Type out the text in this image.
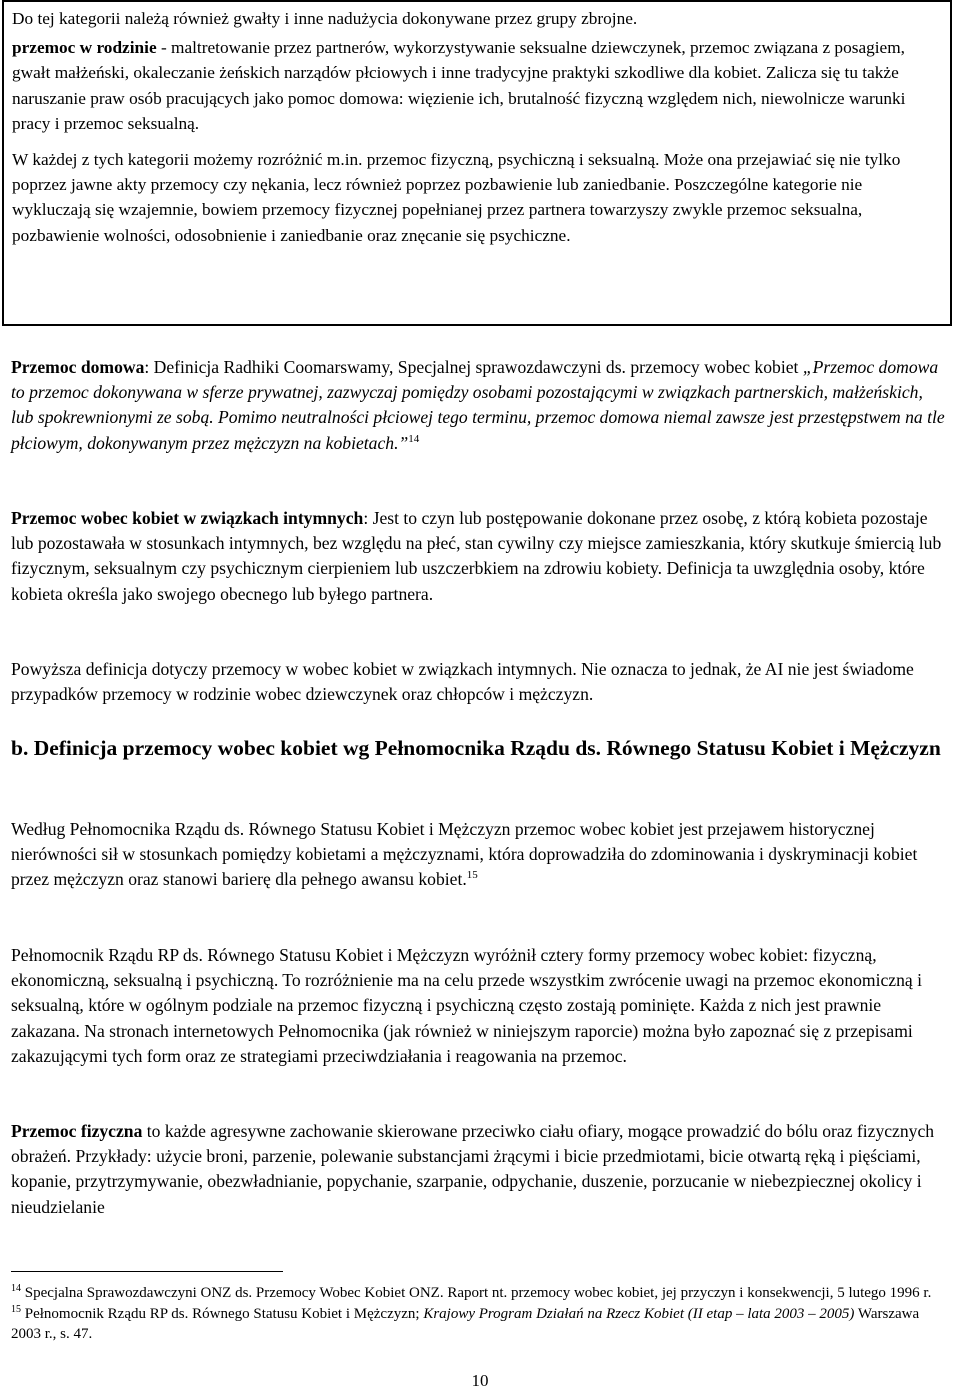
Do tej kategorii należą również gwałty i inne nadużycia dokonywane przez grupy zbrojne.

przemoc w rodzinie - maltretowanie przez partnerów, wykorzystywanie seksualne dziewczynek, przemoc związana z posagiem, gwałt małżeński, okaleczanie żeńskich narządów płciowych i inne tradycyjne praktyki szkodliwe dla kobiet. Zalicza się tu także naruszanie praw osób pracujących jako pomoc domowa: więzienie ich, brutalność fizyczną względem nich, niewolnicze warunki pracy i przemoc seksualną.

W każdej z tych kategorii możemy rozróżnić m.in. przemoc fizyczną, psychiczną i seksualną. Może ona przejawiać się nie tylko poprzez jawne akty przemocy czy nękania, lecz również poprzez pozbawienie lub zaniedbanie. Poszczególne kategorie nie wykluczają się wzajemnie, bowiem przemocy fizycznej popełnianej przez partnera towarzyszy zwykle przemoc seksualna, pozbawienie wolności, odosobnienie i zaniedbanie oraz znęcanie się psychiczne.

Przemoc domowa: Definicja Radhiki Coomarswamy, Specjalnej sprawozdawczyni ds. przemocy wobec kobiet „Przemoc domowa to przemoc dokonywana w sferze prywatnej, zazwyczaj pomiędzy osobami pozostającymi w związkach partnerskich, małżeńskich, lub spokrewnionymi ze sobą. Pomimo neutralności płciowej tego terminu, przemoc domowa niemal zawsze jest przestępstwem na tle płciowym, dokonywanym przez mężczyzn na kobietach.”$^{14}$

Przemoc wobec kobiet w związkach intymnych: Jest to czyn lub postępowanie dokonane przez osobę, z którą kobieta pozostaje lub pozostawała w stosunkach intymnych, bez względu na płeć, stan cywilny czy miejsce zamieszkania, który skutkuje śmiercią lub fizycznym, seksualnym czy psychicznym cierpieniem lub uszczerbkiem na zdrowiu kobiety. Definicja ta uwzględnia osoby, które kobieta określa jako swojego obecnego lub byłego partnera.

Powyższa definicja dotyczy przemocy w wobec kobiet w związkach intymnych. Nie oznacza to jednak, że AI nie jest świadome przypadków przemocy w rodzinie wobec dziewczynek oraz chłopców i mężczyzn.

b. Definicja przemocy wobec kobiet wg Pełnomocnika Rządu ds. Równego Statusu Kobiet i Mężczyzn

Według Pełnomocnika Rządu ds. Równego Statusu Kobiet i Mężczyzn przemoc wobec kobiet jest przejawem historycznej nierówności sił w stosunkach pomiędzy kobietami a mężczyznami, która doprowadziła do zdominowania i dyskryminacji kobiet przez mężczyzn oraz stanowi barierę dla pełnego awansu kobiet.$^{15}$

Pełnomocnik Rządu RP ds. Równego Statusu Kobiet i Mężczyzn wyróżnił cztery formy przemocy wobec kobiet: fizyczną, ekonomiczną, seksualną i psychiczną. To rozróżnienie ma na celu przede wszystkim zwrócenie uwagi na przemoc ekonomiczną i seksualną, które w ogólnym podziale na przemoc fizyczną i psychiczną często zostają pominięte. Każda z nich jest prawnie zakazana. Na stronach internetowych Pełnomocnika (jak również w niniejszym raporcie) można było zapoznać się z przepisami zakazującymi tych form oraz ze strategiami przeciwdziałania i reagowania na przemoc.

Przemoc fizyczna to każde agresywne zachowanie skierowane przeciwko ciału ofiary, mogące prowadzić do bólu oraz fizycznych obrażeń. Przykłady: użycie broni, parzenie, polewanie substancjami żrącymi i bicie przedmiotami, bicie otwartą ręką i pięściami, kopanie, przytrzymywanie, obezwładnianie, popychanie, szarpanie, odpychanie, duszenie, porzucanie w niebezpiecznej okolicy i nieudzielanie

$^{14}$ Specjalna Sprawozdawczyni ONZ ds. Przemocy Wobec Kobiet ONZ. Raport nt. przemocy wobec kobiet, jej przyczyn i konsekwencji, 5 lutego 1996 r.

$^{15}$ Pełnomocnik Rządu RP ds. Równego Statusu Kobiet i Mężczyzn; Krajowy Program Działań na Rzecz Kobiet (II etap – lata 2003 – 2005) Warszawa 2003 r., s. 47.

10
